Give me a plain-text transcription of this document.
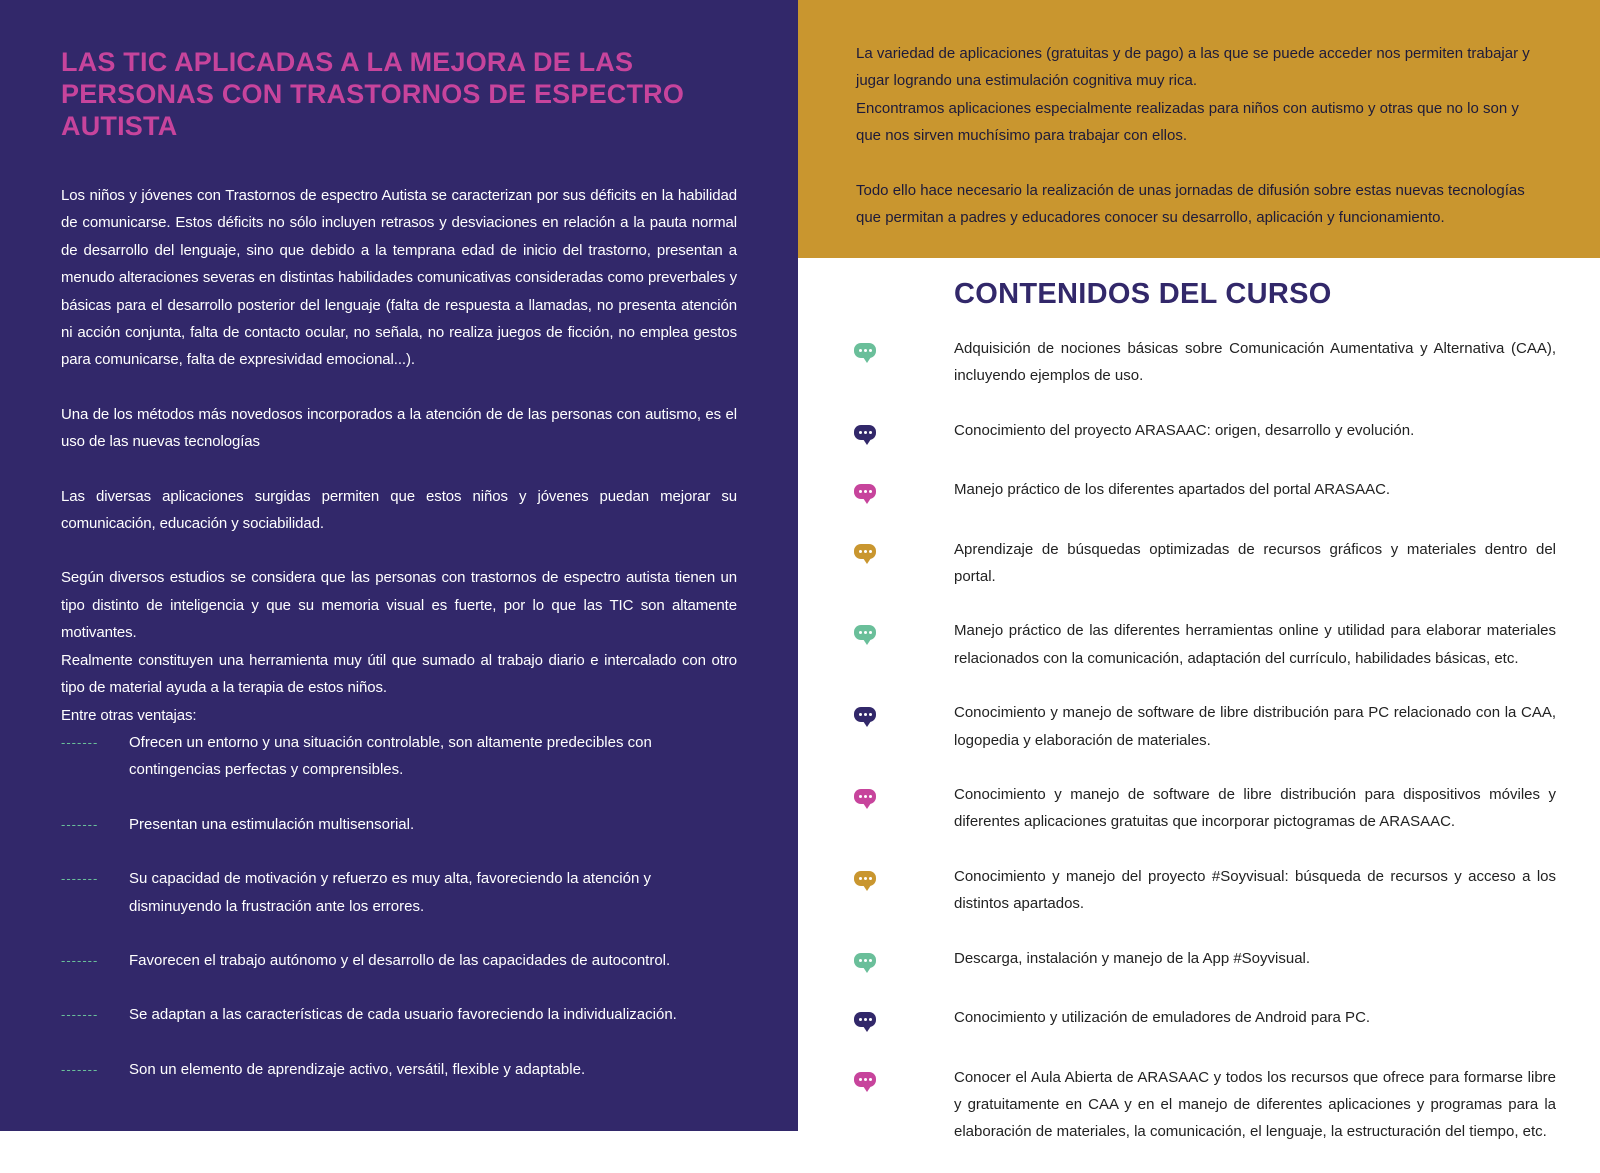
LAS TIC APLICADAS A LA MEJORA DE LAS PERSONAS CON TRASTORNOS DE ESPECTRO AUTISTA

Los niños y jóvenes con Trastornos de espectro Autista se caracterizan por sus déficits en la habilidad de comunicarse. Estos déficits no sólo incluyen retrasos y desviaciones en relación a la pauta normal de desarrollo del lenguaje, sino que debido a la temprana edad de inicio del trastorno, presentan a menudo alteraciones severas en distintas habilidades comunicativas consideradas como preverbales y básicas para el desarrollo posterior del lenguaje (falta de respuesta a llamadas, no presenta atención ni acción conjunta, falta de contacto ocular, no señala, no realiza juegos de ficción, no emplea gestos para comunicarse, falta de expresividad emocional...).

Una de los métodos más novedosos incorporados a la atención de de las personas con autismo, es el uso de las nuevas tecnologías

Las diversas aplicaciones surgidas permiten que estos niños y jóvenes puedan mejorar su comunicación, educación y sociabilidad.

Según diversos estudios se considera que las personas con trastornos de espectro autista tienen un tipo distinto de inteligencia y que su memoria visual es fuerte, por lo que las TIC son altamente motivantes.

Realmente constituyen una herramienta muy útil que sumado al trabajo diario e intercalado con otro tipo de material ayuda a la terapia de estos niños.

Entre otras ventajas:

-------	Ofrecen un entorno y una situación controlable, son altamente predecibles con contingencias perfectas y comprensibles.
-------	Presentan una estimulación multisensorial.
-------	Su capacidad de motivación y refuerzo es muy alta, favoreciendo la atención y disminuyendo la frustración ante los errores.
-------	Favorecen el trabajo autónomo y el desarrollo de las capacidades de autocontrol.
-------	Se adaptan a las características de cada usuario favoreciendo la individualización.
-------	Son un elemento de aprendizaje activo, versátil, flexible y adaptable.

La variedad de aplicaciones (gratuitas y de pago) a las que se puede acceder nos permiten trabajar y jugar logrando una estimulación cognitiva muy rica.

Encontramos aplicaciones especialmente realizadas para niños con autismo y otras que no lo son y que nos sirven muchísimo para trabajar con ellos.

Todo ello hace necesario la realización de unas jornadas de difusión sobre estas nuevas tecnologías que permitan a padres y educadores conocer su desarrollo, aplicación y funcionamiento.

CONTENIDOS DEL CURSO
Adquisición de nociones básicas sobre Comunicación Aumentativa y Alternativa (CAA), incluyendo ejemplos de uso.
Conocimiento del proyecto ARASAAC: origen, desarrollo y evolución.
Manejo práctico de los diferentes apartados del portal ARASAAC.
Aprendizaje de búsquedas optimizadas de recursos gráficos y materiales dentro del portal.
Manejo práctico de las diferentes herramientas online y utilidad para elaborar materiales relacionados con la comunicación, adaptación del currículo, habilidades básicas, etc.
Conocimiento y manejo de software de libre distribución para PC relacionado con la CAA, logopedia y elaboración de materiales.
Conocimiento y manejo de software de libre distribución para dispositivos móviles y diferentes aplicaciones gratuitas que incorporar pictogramas de ARASAAC.
Conocimiento y manejo del proyecto #Soyvisual: búsqueda de recursos y acceso a los distintos apartados.
Descarga, instalación y manejo de la App #Soyvisual.
Conocimiento y utilización de emuladores de Android para PC.
Conocer el Aula Abierta de ARASAAC y todos los recursos que ofrece para formarse libre y gratuitamente en CAA y en el manejo de diferentes aplicaciones y programas para la elaboración de materiales, la comunicación, el lenguaje, la estructuración del tiempo, etc.
